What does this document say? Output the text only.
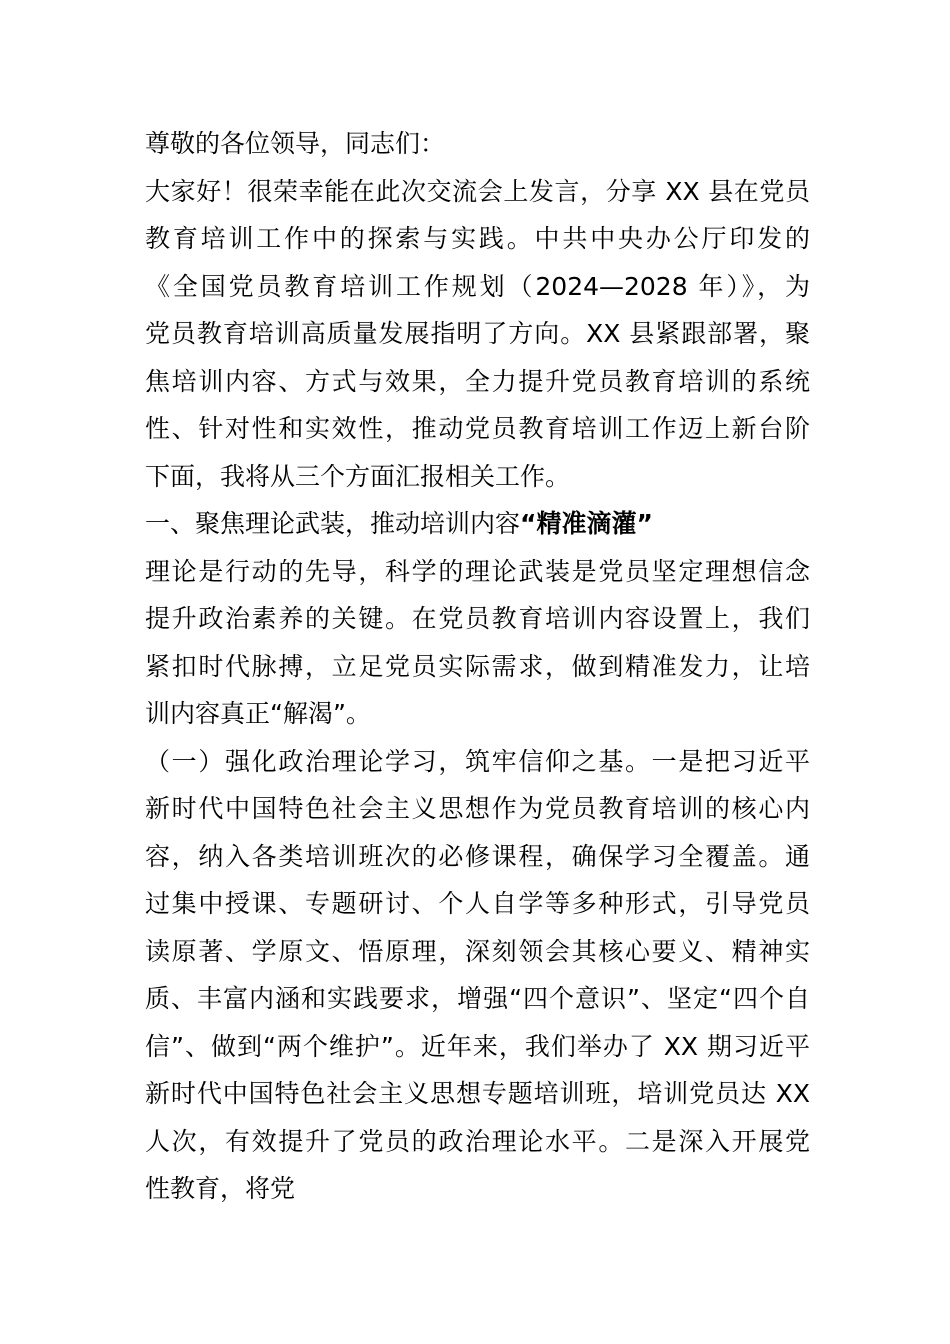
尊敬的各位领导，同志们：
大家好！很荣幸能在此次交流会上发言，分享 XX 县在党员
教育培训工作中的探索与实践。中共中央办公厅印发的
《全国党员教育培训工作规划（2024—2028 年）》，为
党员教育培训高质量发展指明了方向。XX 县紧跟部署，聚
焦培训内容、方式与效果，全力提升党员教育培训的系统
性、针对性和实效性，推动党员教育培训工作迈上新台阶
下面，我将从三个方面汇报相关工作。
一、聚焦理论武装，推动培训内容“精准滴灌”
理论是行动的先导，科学的理论武装是党员坚定理想信念
提升政治素养的关键。在党员教育培训内容设置上，我们
紧扣时代脉搏，立足党员实际需求，做到精准发力，让培
训内容真正“解渴”。
（一）强化政治理论学习，筑牢信仰之基。一是把习近平
新时代中国特色社会主义思想作为党员教育培训的核心内
容，纳入各类培训班次的必修课程，确保学习全覆盖。通
过集中授课、专题研讨、个人自学等多种形式，引导党员
读原著、学原文、悟原理，深刻领会其核心要义、精神实
质、丰富内涵和实践要求，增强“四个意识”、坚定“四个自
信”、做到“两个维护”。近年来，我们举办了 XX 期习近平
新时代中国特色社会主义思想专题培训班，培训党员达 XX
人次，有效提升了党员的政治理论水平。二是深入开展党
性教育，将党
